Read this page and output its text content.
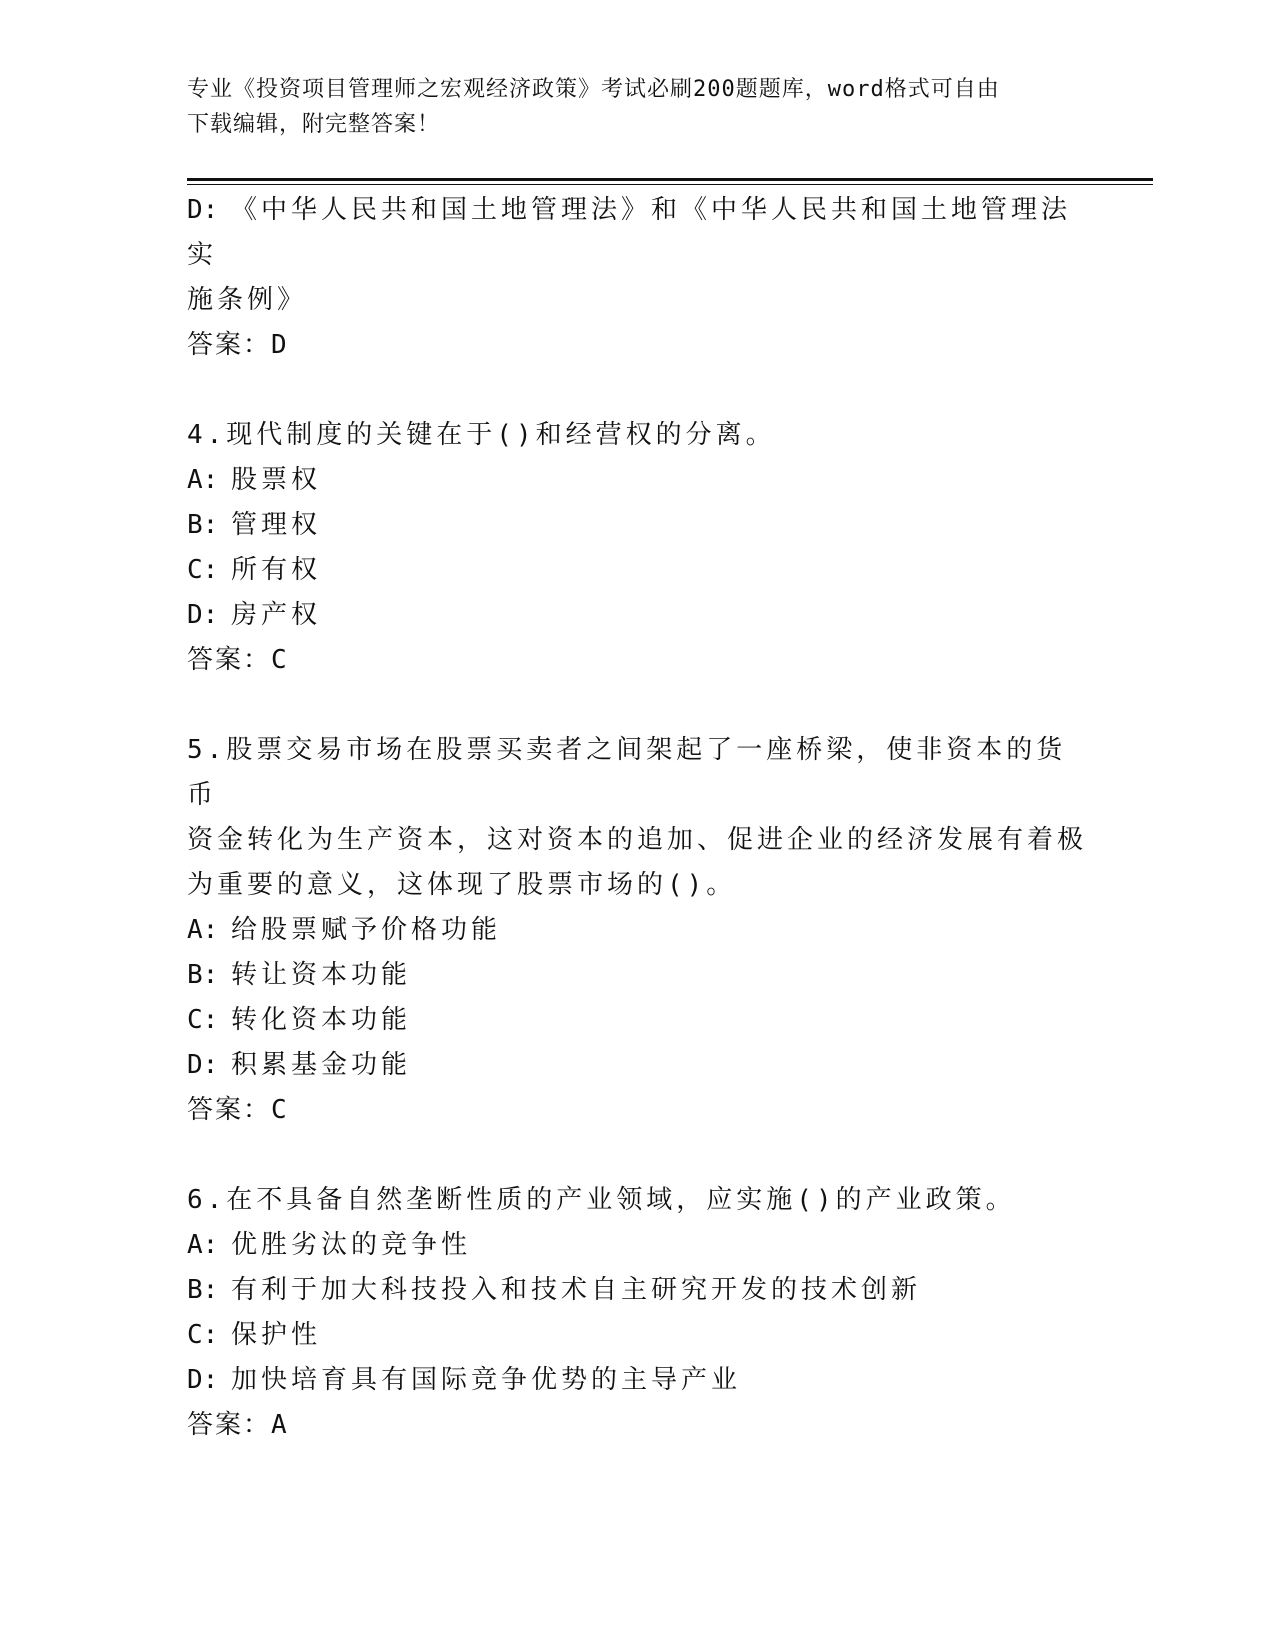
专业《投资项目管理师之宏观经济政策》考试必刷200题题库，word格式可自由
下载编辑，附完整答案！
D: 《中华人民共和国土地管理法》和《中华人民共和国土地管理法实
施条例》
答案：D
4.现代制度的关键在于()和经营权的分离。
A: 股票权
B: 管理权
C: 所有权
D: 房产权
答案：C
5.股票交易市场在股票买卖者之间架起了一座桥梁，使非资本的货币
资金转化为生产资本，这对资本的追加、促进企业的经济发展有着极
为重要的意义，这体现了股票市场的()。
A: 给股票赋予价格功能
B: 转让资本功能
C: 转化资本功能
D: 积累基金功能
答案：C
6.在不具备自然垄断性质的产业领域，应实施()的产业政策。
A: 优胜劣汰的竞争性
B: 有利于加大科技投入和技术自主研究开发的技术创新
C: 保护性
D: 加快培育具有国际竞争优势的主导产业
答案：A
